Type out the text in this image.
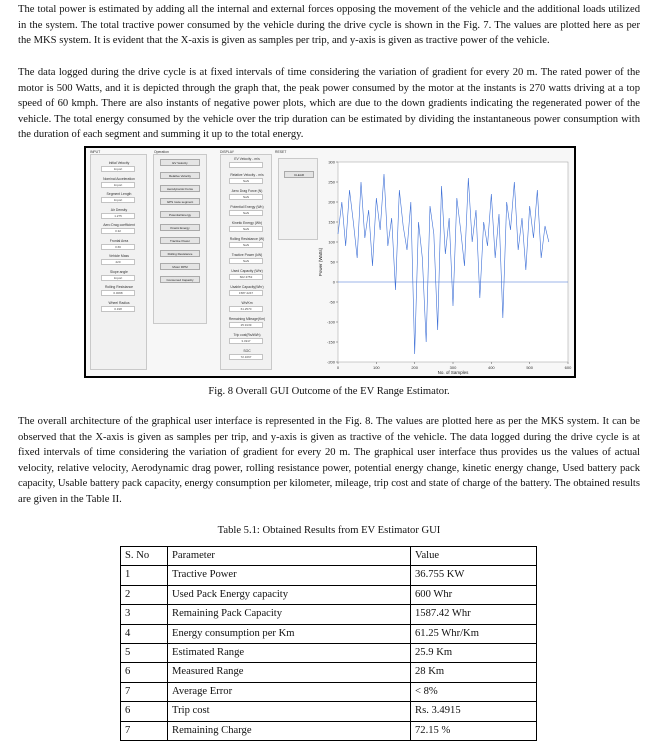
The total power is estimated by adding all the internal and external forces opposing the movement of the vehicle and the additional loads utilized in the system. The total tractive power consumed by the vehicle during the drive cycle is shown in the Fig. 7. The values are plotted here as per the MKS system. It is evident that the X-axis is given as samples per trip, and y-axis is given as tractive power of the vehicle.

The data logged during the drive cycle is at fixed intervals of time considering the variation of gradient for every 20 m. The rated power of the motor is 500 Watts, and it is depicted through the graph that, the peak power consumed by the motor at the instants is 270 watts driving at a top speed of 60 kmph. There are also instants of negative power plots, which are due to the down gradients indicating the regenerated power of the vehicle. The total energy consumed by the vehicle over the trip duration can be estimated by dividing the instantaneous power consumption with the duration of each segment and summing it up to the total energy.

INPUT
Initial Velocity
Import
Nominal Acceleration
Import
Segment Length
Import
Air Density
1.275
Aero Drag coefficient
0.32
Frontal Area
0.66
Vehicle Mass
220
Slope angle
Import
Rolling Resistance
0.0068
Wheel Radius
0.198
Operation
EV Velocity
Relative Velocity
Aerodynamic Force
GPS route segment
Potential Energy
Kinetic Energy
Tractive Power
Rolling Resistance
Motor RPM
Consumed Capacity
DISPLAY
EV Velocity - m/s
Relative Velocity - m/s
NaN
Aero Drag Force (N)
NaN
Potential Energy (Wh)
NaN
Kinetic Energy (Wh)
NaN
Rolling Resistance (W)
NaN
Tractive Power (kW)
NaN
Used Capacity (Whr)
602.3753
Usable Capacity(Whr)
1587.4247
Wh/Km
61.2570
Remaining Mileage(Km)
25.9139
Trip cost(Rs/kWh)
3.4917
SOC
72.1667
RESET
CLEAR
-200
-150
-100
-50
0
50
100
150
200
250
300
0	100	200	300	400	500	600
No. of Samples
Power (Watts)
Fig. 8 Overall GUI Outcome of the EV Range Estimator.

The overall architecture of the graphical user interface is represented in the Fig. 8. The values are plotted here as per the MKS system. It can be observed that the X-axis is given as samples per trip, and y-axis is given as tractive of the vehicle. The data logged during the drive cycle is at fixed intervals of time considering the variation of gradient for every 20 m. The graphical user interface thus provides us the values of actual velocity, relative velocity, Aerodynamic drag power, rolling resistance power, potential energy change, kinetic energy change, Used battery pack capacity, Usable battery pack capacity, energy consumption per kilometer, mileage, trip cost and state of charge of the battery. The obtained results are given in the Table II.

Table 5.1: Obtained Results from EV Estimator GUI
S. No	Parameter	Value
1	Tractive Power	36.755 KW
2	Used Pack Energy capacity	600 Whr
3	Remaining Pack Capacity	1587.42 Whr
4	Energy consumption per Km	61.25 Whr/Km
5	Estimated Range	25.9 Km
6	Measured Range	28 Km
7	Average Error	< 8%
6	Trip cost	Rs. 3.4915
7	Remaining Charge	72.15 %
